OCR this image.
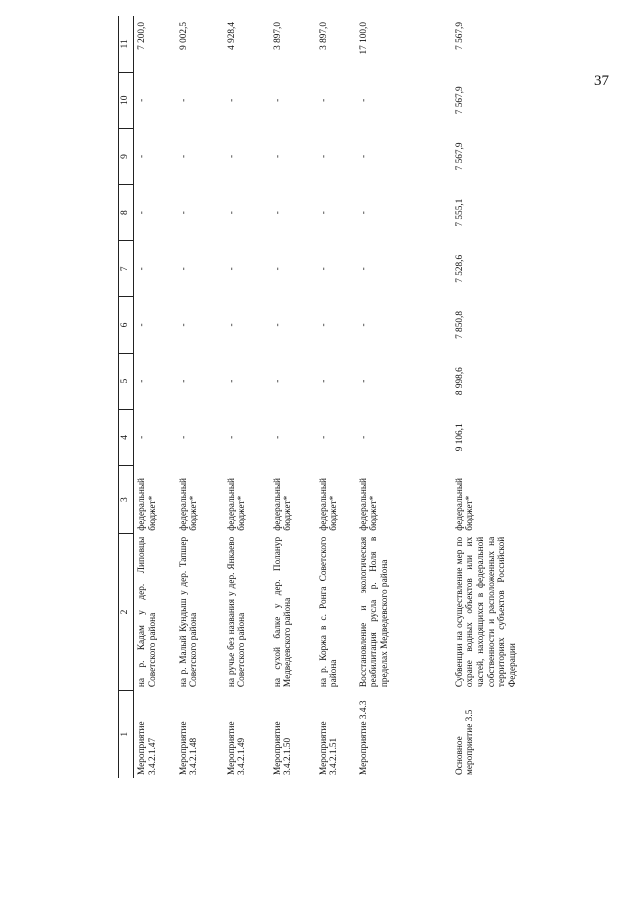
37
1	2	3	4	5	6	7	8	9	10	11
Мероприятие 3.4.2.1.47	на р. Кадам у дер. Липовцы Советского района	федеральный бюджет*	-	-	-	-	-	-	-	7 200,0
Мероприятие 3.4.2.1.48	на р. Малый Кундыш у дер. Тапшер Советского района	федеральный бюджет*	-	-	-	-	-	-	-	9 002,5
Мероприятие 3.4.2.1.49	на ручье без названия у дер. Янкаево Советского района	федеральный бюджет*	-	-	-	-	-	-	-	4 928,4
Мероприятие 3.4.2.1.50	на сухой балке у дер. Поланур Медведевского района	федеральный бюджет*	-	-	-	-	-	-	-	3 897,0
Мероприятие 3.4.2.1.51	на р. Коржа в с. Ронга Советского района	федеральный бюджет*	-	-	-	-	-	-	-	3 897,0
Мероприятие 3.4.3	Восстановление и экологическая реабилитация русла р. Ноля в пределах Медведевского района	федеральный бюджет*	-	-	-	-	-	-	-	17 100,0
Основное мероприятие 3.5	Субвенции на осуществление мер по охране водных объектов или их частей, находящихся в федеральной собственности и расположенных на территориях субъектов Российской Федерации	федеральный бюджет*	9 106,1	8 998,6	7 850,8	7 528,6	7 555,1	7 567,9	7 567,9	7 567,9
